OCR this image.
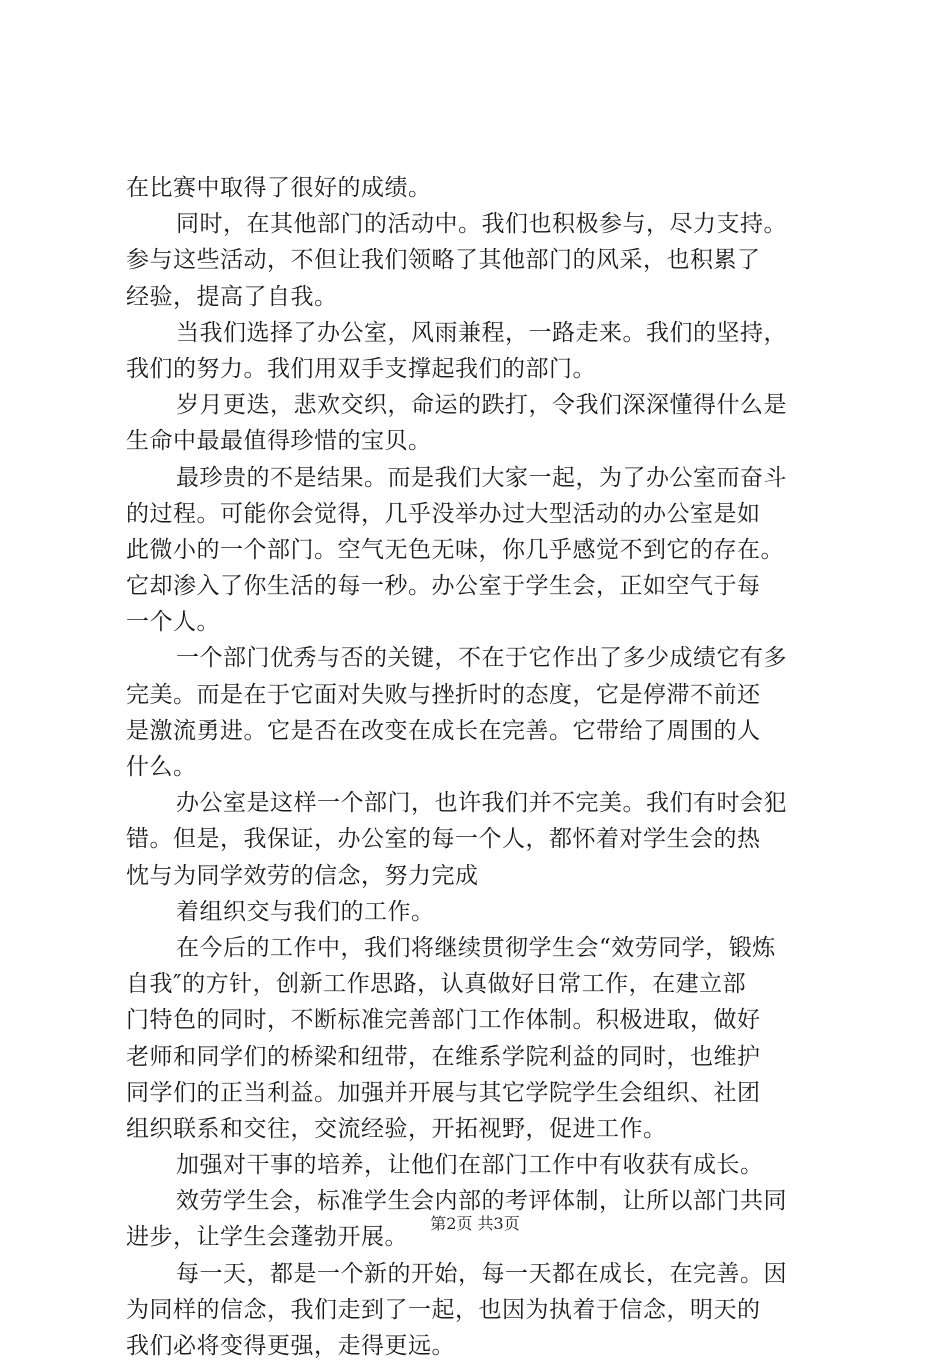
在比赛中取得了很好的成绩。
同时，在其他部门的活动中。我们也积极参与，尽力支持。
参与这些活动，不但让我们领略了其他部门的风采，也积累了
经验，提高了自我。
当我们选择了办公室，风雨兼程，一路走来。我们的坚持，
我们的努力。我们用双手支撑起我们的部门。
岁月更迭，悲欢交织，命运的跌打，令我们深深懂得什么是
生命中最最值得珍惜的宝贝。
最珍贵的不是结果。而是我们大家一起，为了办公室而奋斗
的过程。可能你会觉得，几乎没举办过大型活动的办公室是如
此微小的一个部门。空气无色无味，你几乎感觉不到它的存在。
它却渗入了你生活的每一秒。办公室于学生会，正如空气于每
一个人。
一个部门优秀与否的关键，不在于它作出了多少成绩它有多
完美。而是在于它面对失败与挫折时的态度，它是停滞不前还
是激流勇进。它是否在改变在成长在完善。它带给了周围的人
什么。
办公室是这样一个部门，也许我们并不完美。我们有时会犯
错。但是，我保证，办公室的每一个人，都怀着对学生会的热
忱与为同学效劳的信念，努力完成
着组织交与我们的工作。
在今后的工作中，我们将继续贯彻学生会“效劳同学，锻炼
自我″的方针，创新工作思路，认真做好日常工作，在建立部
门特色的同时，不断标准完善部门工作体制。积极进取，做好
老师和同学们的桥梁和纽带，在维系学院利益的同时，也维护
同学们的正当利益。加强并开展与其它学院学生会组织、社团
组织联系和交往，交流经验，开拓视野，促进工作。
加强对干事的培养，让他们在部门工作中有收获有成长。
效劳学生会，标准学生会内部的考评体制，让所以部门共同
进步，让学生会蓬勃开展。
每一天，都是一个新的开始，每一天都在成长，在完善。因
为同样的信念，我们走到了一起，也因为执着于信念，明天的
我们必将变得更强，走得更远。
第2页 共3页
